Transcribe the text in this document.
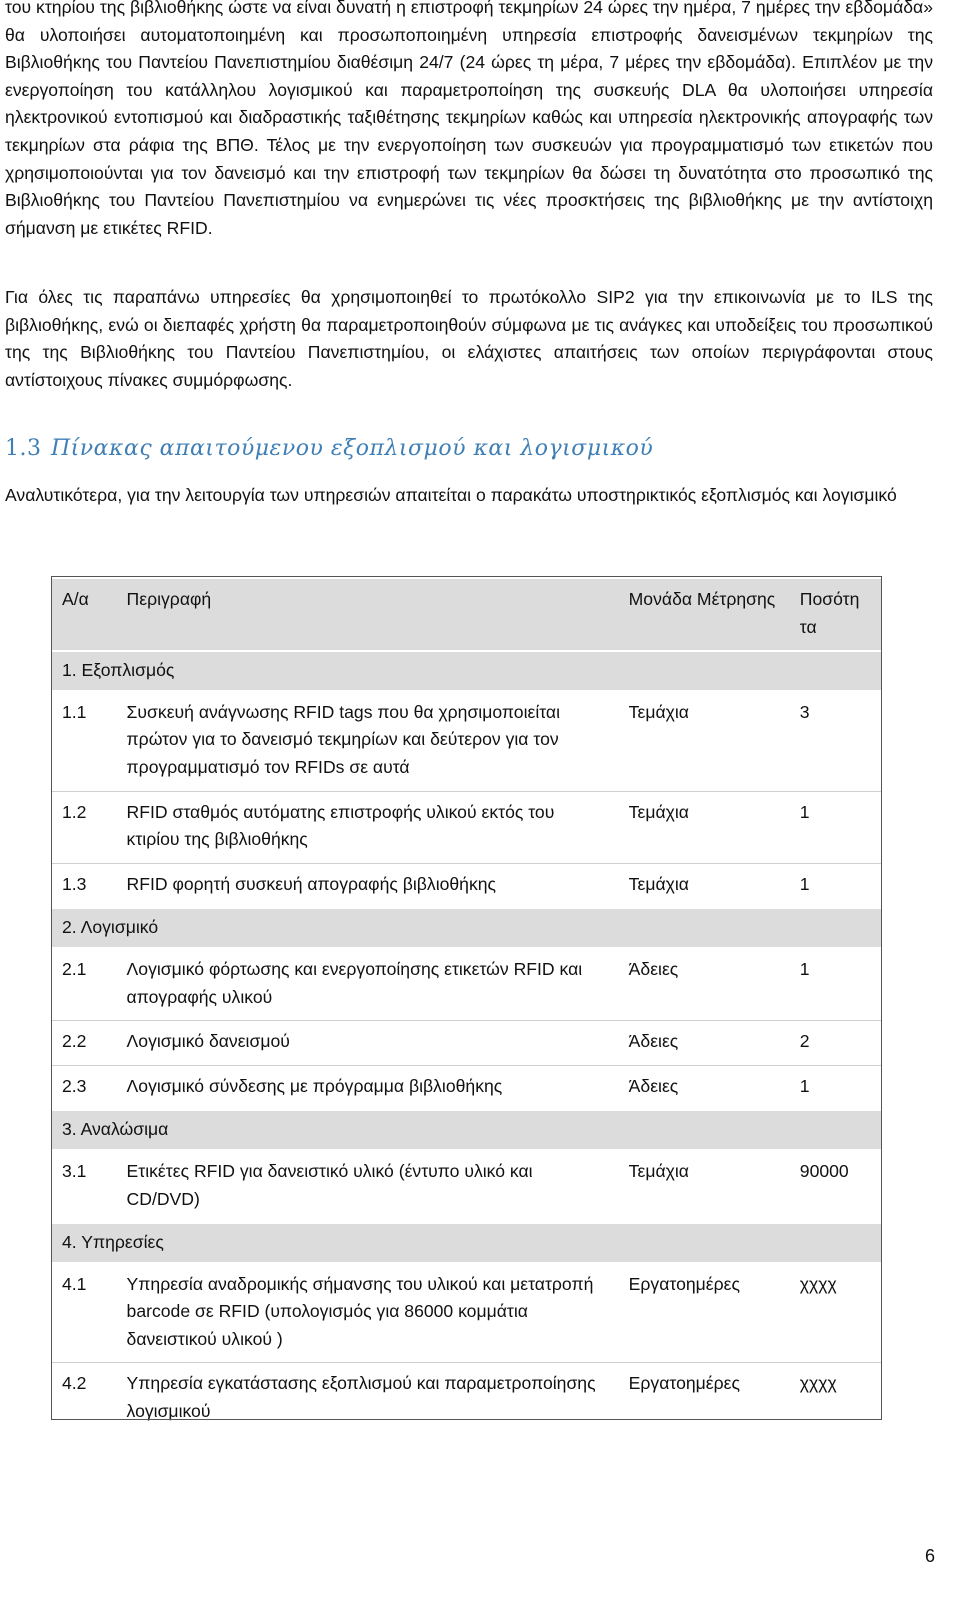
του κτηρίου της βιβλιοθήκης ώστε να είναι δυνατή η επιστροφή τεκμηρίων 24 ώρες την ημέρα, 7 ημέρες την εβδομάδα» θα υλοποιήσει αυτοματοποιημένη και προσωποποιημένη υπηρεσία επιστροφής δανεισμένων τεκμηρίων της Βιβλιοθήκης του Παντείου Πανεπιστημίου διαθέσιμη 24/7 (24 ώρες τη μέρα, 7 μέρες την εβδομάδα). Επιπλέον με την ενεργοποίηση του κατάλληλου λογισμικού και παραμετροποίηση της συσκευής DLA θα υλοποιήσει υπηρεσία ηλεκτρονικού εντοπισμού και διαδραστικής ταξιθέτησης τεκμηρίων καθώς και υπηρεσία ηλεκτρονικής απογραφής των τεκμηρίων στα ράφια της ΒΠΘ. Τέλος με την ενεργοποίηση των συσκευών για προγραμματισμό των ετικετών που χρησιμοποιούνται για τον δανεισμό και την επιστροφή των τεκμηρίων θα δώσει τη δυνατότητα στο προσωπικό της Βιβλιοθήκης του Παντείου Πανεπιστημίου να ενημερώνει τις νέες προσκτήσεις της βιβλιοθήκης με την αντίστοιχη σήμανση με ετικέτες RFID.

Για όλες τις παραπάνω υπηρεσίες θα χρησιμοποιηθεί το πρωτόκολλο SIP2 για την επικοινωνία με το ILS της βιβλιοθήκης, ενώ οι διεπαφές χρήστη θα παραμετροποιηθούν σύμφωνα με τις ανάγκες και υποδείξεις του προσωπικού της της Βιβλιοθήκης του Παντείου Πανεπιστημίου, οι ελάχιστες απαιτήσεις των οποίων περιγράφονται στους αντίστοιχους πίνακες συμμόρφωσης.

1.3 Πίνακας απαιτούμενου εξοπλισμού και λογισμικού

Αναλυτικότερα, για την λειτουργία των υπηρεσιών απαιτείται ο παρακάτω υποστηρικτικός εξοπλισμός και λογισμικό

Α/α	Περιγραφή	Μονάδα Μέτρησης	Ποσότη τα
1. Εξοπλισμός			
1.1	Συσκευή ανάγνωσης RFID tags που θα χρησιμοποιείται πρώτον για το δανεισμό τεκμηρίων και δεύτερον για τον προγραμματισμό τον RFIDs σε αυτά	Τεμάχια	3
1.2	RFID σταθμός αυτόματης επιστροφής υλικού εκτός του κτιρίου της βιβλιοθήκης	Τεμάχια	1
1.3	RFID φορητή συσκευή απογραφής βιβλιοθήκης	Τεμάχια	1
2. Λογισμικό			
2.1	Λογισμικό φόρτωσης και ενεργοποίησης ετικετών RFID και απογραφής υλικού	Άδειες	1
2.2	Λογισμικό δανεισμού	Άδειες	2
2.3	Λογισμικό σύνδεσης με πρόγραμμα βιβλιοθήκης	Άδειες	1
3. Αναλώσιμα			
3.1	Ετικέτες RFID για δανειστικό υλικό (έντυπο υλικό και CD/DVD)	Τεμάχια	90000
4. Υπηρεσίες			
4.1	Υπηρεσία αναδρομικής σήμανσης του υλικού και μετατροπή barcode σε RFID (υπολογισμός για 86000 κομμάτια δανειστικού υλικού )	Εργατοημέρες	χχχχ
4.2	Υπηρεσία εγκατάστασης εξοπλισμού και παραμετροποίησης λογισμικού	Εργατοημέρες	χχχχ
6
